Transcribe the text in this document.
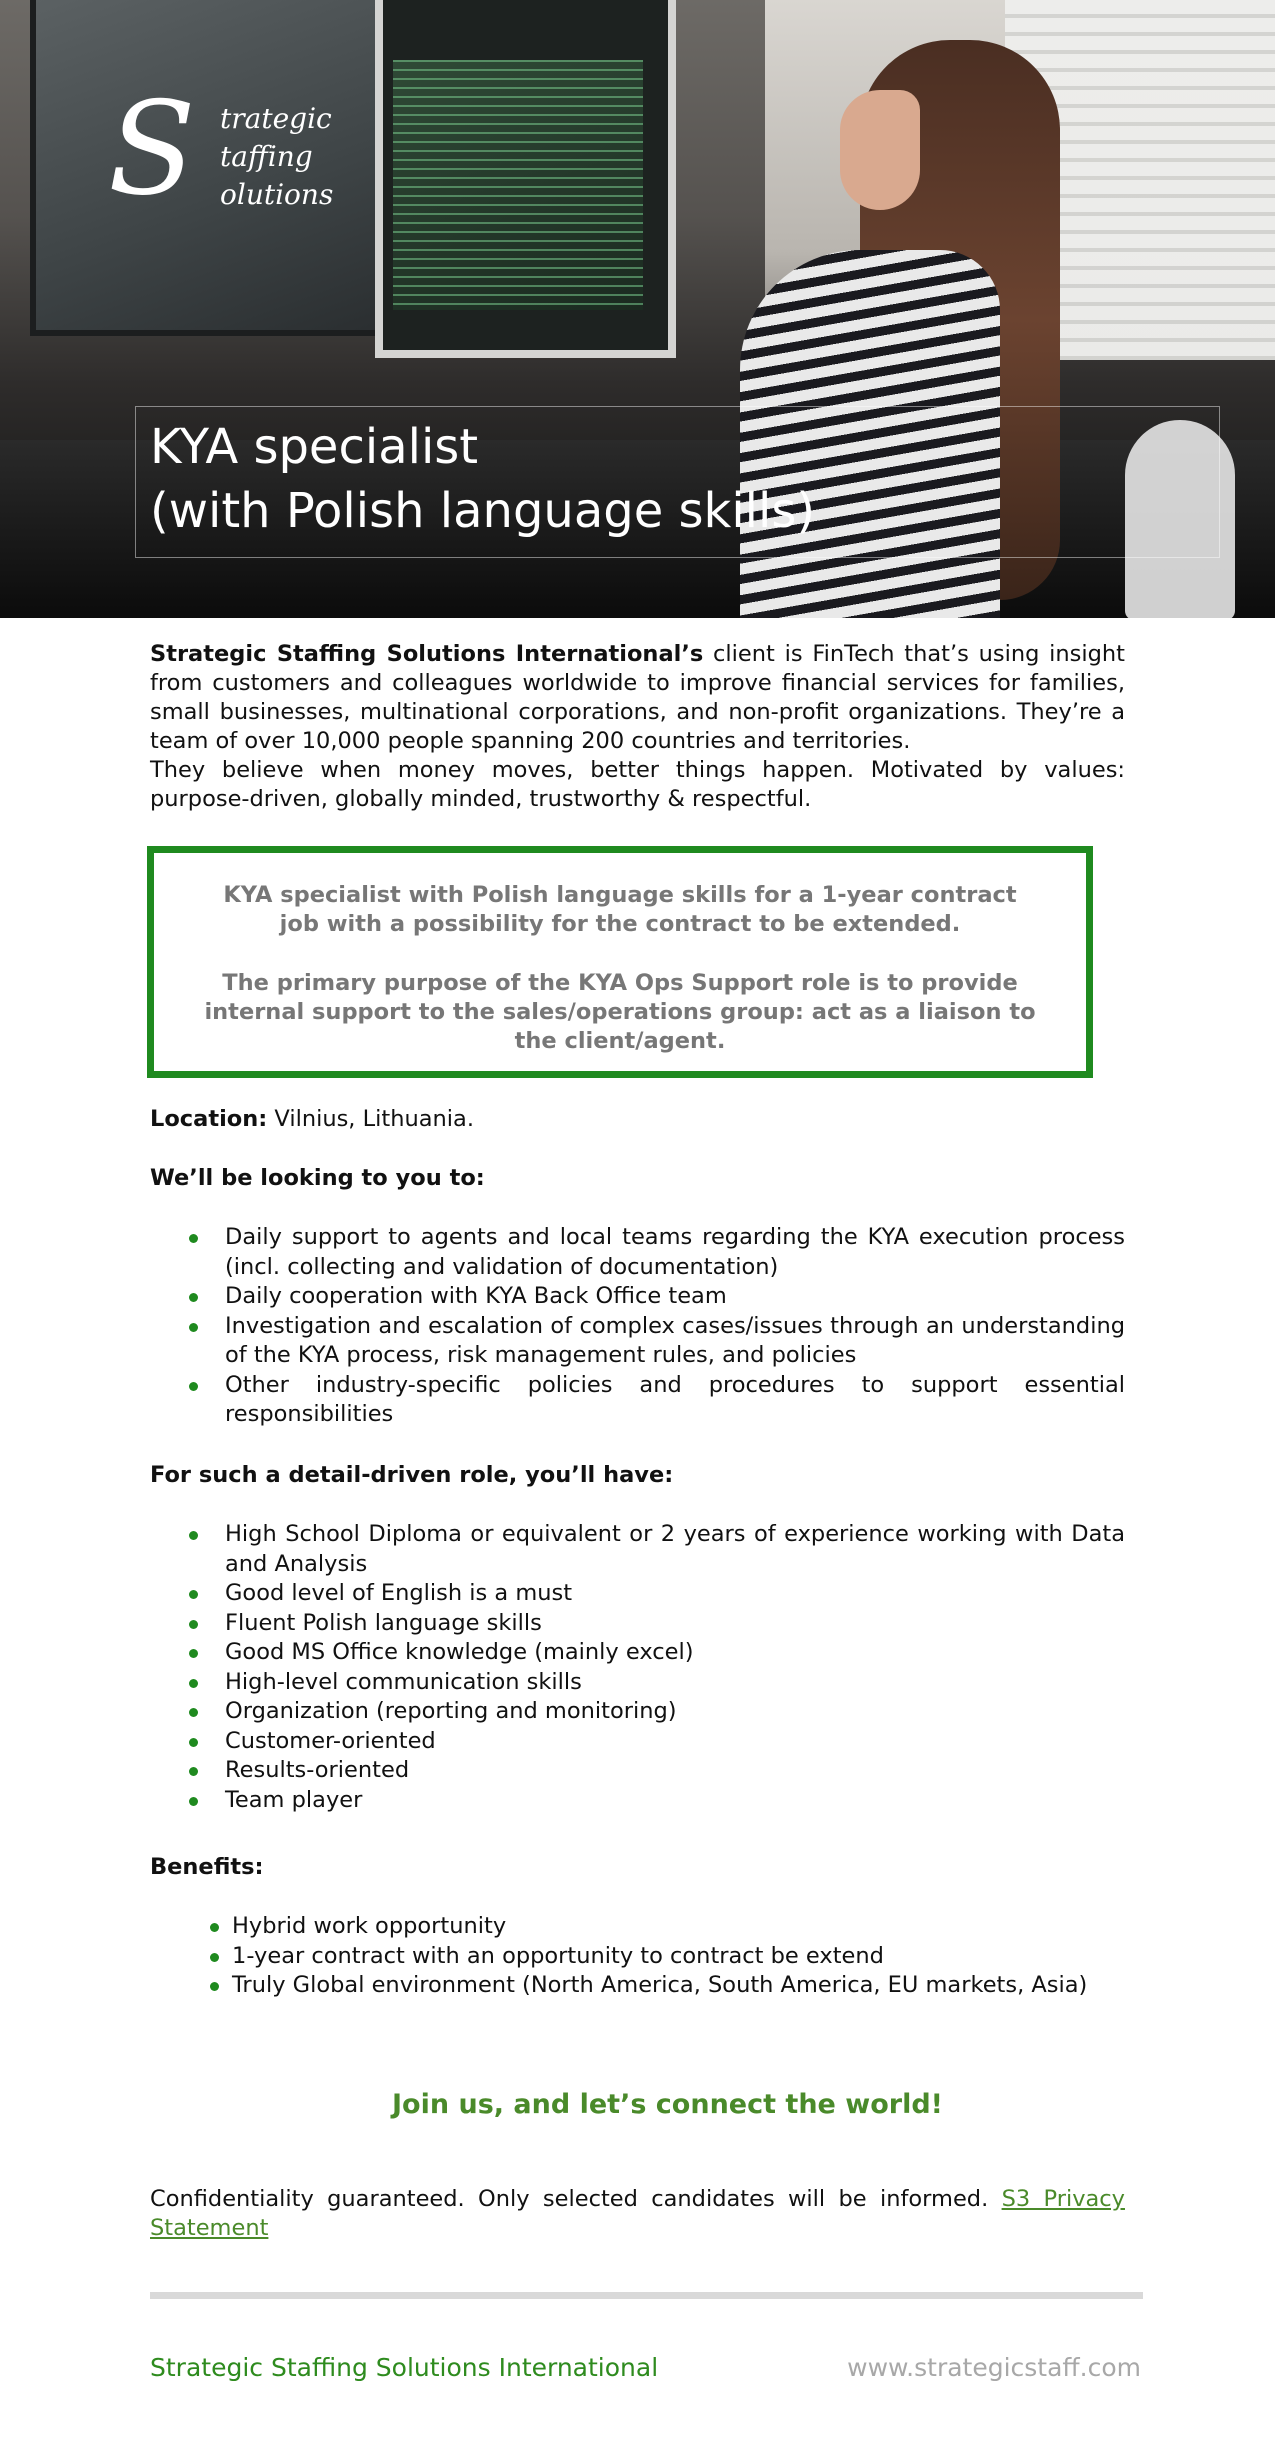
S trategic
taffing
olutions
KYA specialist
(with Polish language skills)

Strategic Staffing Solutions International’s client is FinTech that’s using insight from customers and colleagues worldwide to improve financial services for families, small businesses, multinational corporations, and non-profit organizations. They’re a team of over 10,000 people spanning 200 countries and territories.

They believe when money moves, better things happen. Motivated by values: purpose-driven, globally minded, trustworthy & respectful.

KYA specialist with Polish language skills for a 1-year contract job with a possibility for the contract to be extended.

The primary purpose of the KYA Ops Support role is to provide internal support to the sales/operations group: act as a liaison to the client/agent.

Location: Vilnius, Lithuania.

We’ll be looking to you to:

Daily support to agents and local teams regarding the KYA execution process (incl. collecting and validation of documentation)
Daily cooperation with KYA Back Office team
Investigation and escalation of complex cases/issues through an understanding of the KYA process, risk management rules, and policies
Other industry-specific policies and procedures to support essential responsibilities

For such a detail-driven role, you’ll have:

High School Diploma or equivalent or 2 years of experience working with Data and Analysis
Good level of English is a must
Fluent Polish language skills
Good MS Office knowledge (mainly excel)
High-level communication skills
Organization (reporting and monitoring)
Customer-oriented
Results-oriented
Team player

Benefits:

Hybrid work opportunity
1-year contract with an opportunity to contract be extend
Truly Global environment (North America, South America, EU markets, Asia)
Join us, and let’s connect the world!
Confidentiality guaranteed. Only selected candidates will be informed. S3 Privacy Statement
Strategic Staffing Solutions International	www.strategicstaff.com
